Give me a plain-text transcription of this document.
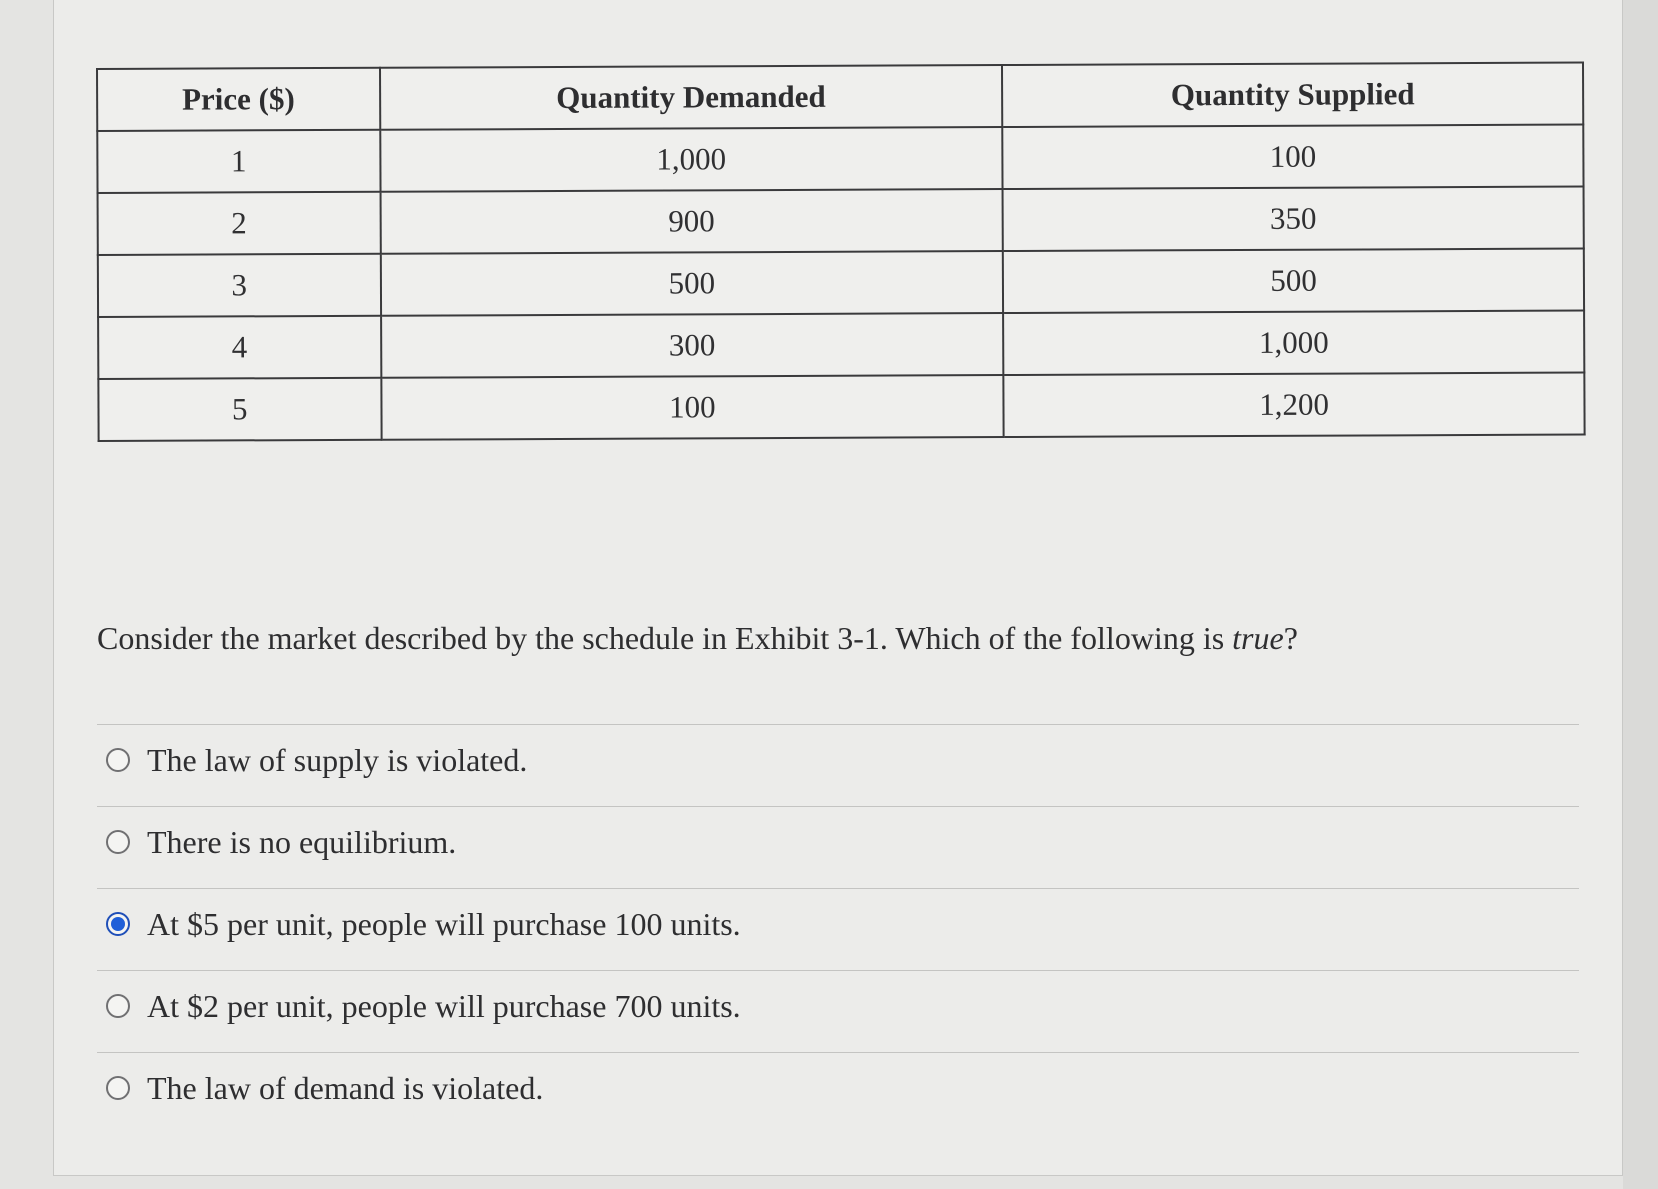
Price ($)	Quantity Demanded	Quantity Supplied
1	1,000	100
2	900	350
3	500	500
4	300	1,000
5	100	1,200
Consider the market described by the schedule in Exhibit 3-1. Which of the following is true?
The law of supply is violated.
There is no equilibrium.
At $5 per unit, people will purchase 100 units.
At $2 per unit, people will purchase 700 units.
The law of demand is violated.
